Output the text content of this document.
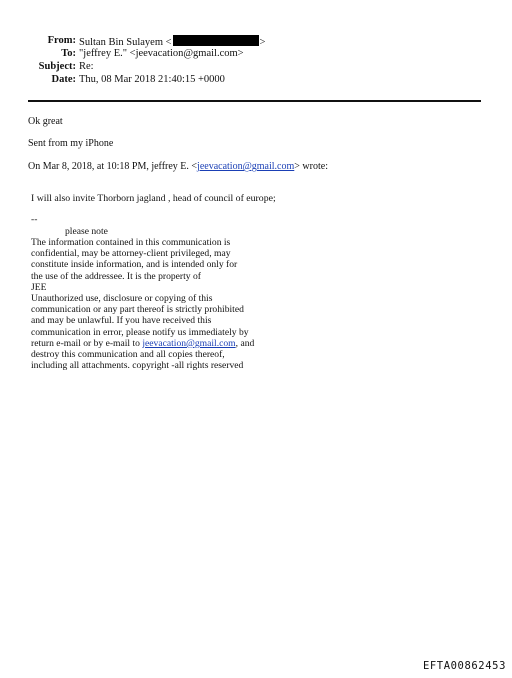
From: Sultan Bin Sulayem <	>
To: "jeffrey E." <jeevacation@gmail.com>
Subject: Re:
Date: Thu, 08 Mar 2018 21:40:15 +0000
Ok great
Sent from my iPhone
On Mar 8, 2018, at 10:18 PM, jeffrey E. <jeevacation@gmail.com> wrote:
I will also invite Thorborn jagland , head of council of europe;
--
please note
The information contained in this communication is
confidential, may be attorney-client privileged, may
constitute inside information, and is intended only for
the use of the addressee. It is the property of
JEE
Unauthorized use, disclosure or copying of this
communication or any part thereof is strictly prohibited
and may be unlawful. If you have received this
communication in error, please notify us immediately by
return e-mail or by e-mail to jeevacation@gmail.com, and
destroy this communication and all copies thereof,
including all attachments. copyright -all rights reserved
EFTA00862453
